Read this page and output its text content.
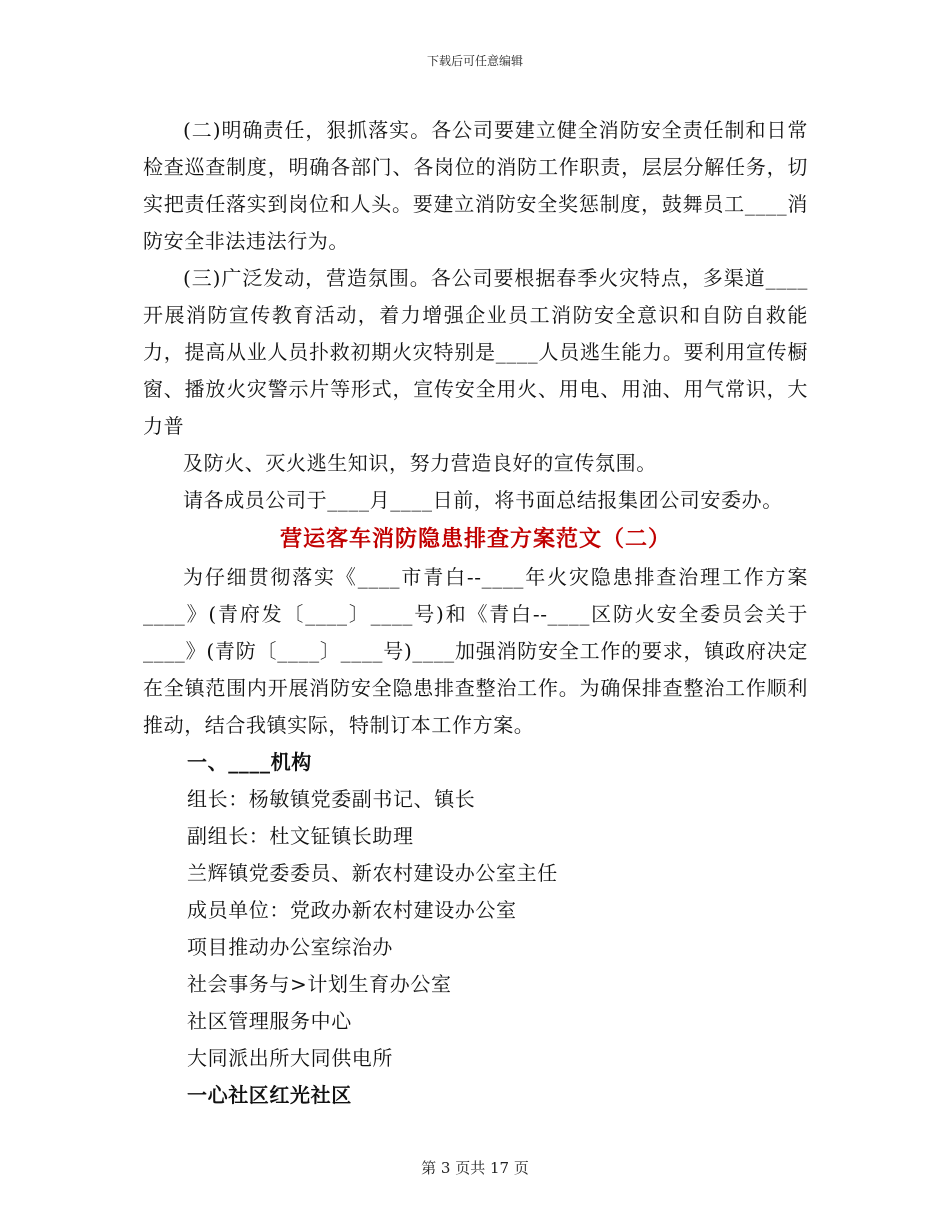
下载后可任意编辑

(二)明确责任，狠抓落实。各公司要建立健全消防安全责任制和日常检查巡查制度，明确各部门、各岗位的消防工作职责，层层分解任务，切实把责任落实到岗位和人头。要建立消防安全奖惩制度，鼓舞员工____消防安全非法违法行为。

(三)广泛发动，营造氛围。各公司要根据春季火灾特点，多渠道____开展消防宣传教育活动，着力增强企业员工消防安全意识和自防自救能力，提高从业人员扑救初期火灾特别是____人员逃生能力。要利用宣传橱窗、播放火灾警示片等形式，宣传安全用火、用电、用油、用气常识，大力普

及防火、灭火逃生知识，努力营造良好的宣传氛围。

请各成员公司于____月____日前，将书面总结报集团公司安委办。

营运客车消防隐患排查方案范文（二）

为仔细贯彻落实《____市青白--____年火灾隐患排查治理工作方案____》(青府发〔____〕____号)和《青白--____区防火安全委员会关于____》(青防〔____〕____号)____加强消防安全工作的要求，镇政府决定在全镇范围内开展消防安全隐患排查整治工作。为确保排查整治工作顺利推动，结合我镇实际，特制订本工作方案。

一、____机构

组长：杨敏镇党委副书记、镇长

副组长：杜文钲镇长助理

兰辉镇党委委员、新农村建设办公室主任

成员单位：党政办新农村建设办公室

项目推动办公室综治办

社会事务与>计划生育办公室

社区管理服务中心

大同派出所大同供电所

一心社区红光社区

第 3 页共 17 页
